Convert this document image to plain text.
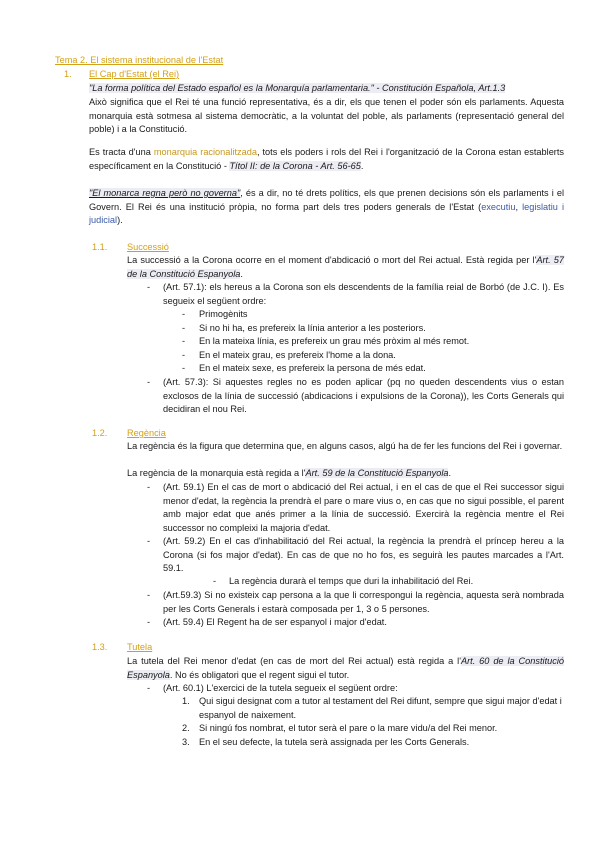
Tema 2. El sistema institucional de l'Estat
1. El Cap d'Estat (el Rei)
"La forma política del Estado español es la Monarquía parlamentaria." - Constitución Española, Art.1.3
Això significa que el Rei té una funció representativa, és a dir, els que tenen el poder són els parlaments. Aquesta monarquia està sotmesa al sistema democràtic, a la voluntat del poble, als parlaments (representació general del poble) i a la Constitució.
Es tracta d'una monarquia racionalitzada, tots els poders i rols del Rei i l'organització de la Corona estan establerts específicament en la Constitució - Títol II: de la Corona - Art. 56-65.
"El monarca regna però no governa", és a dir, no té drets polítics, els que prenen decisions són els parlaments i el Govern. El Rei és una institució pròpia, no forma part dels tres poders generals de l'Estat (executiu, legislatiu i judicial).
1.1. Successió
La successió a la Corona ocorre en el moment d'abdicació o mort del Rei actual. Està regida per l'Art. 57 de la Constitució Espanyola.
- (Art. 57.1): els hereus a la Corona son els descendents de la família reial de Borbó (de J.C. I). Es segueix el següent ordre:
- Primogènits
- Si no hi ha, es prefereix la línia anterior a les posteriors.
- En la mateixa línia, es prefereix un grau més pròxim al més remot.
- En el mateix grau, es prefereix l'home a la dona.
- En el mateix sexe, es prefereix la persona de més edat.
- (Art. 57.3): Si aquestes regles no es poden aplicar (pq no queden descendents vius o estan exclosos de la línia de successió (abdicacions i expulsions de la Corona)), les Corts Generals qui decidiran el nou Rei.
1.2. Regència
La regència és la figura que determina que, en alguns casos, algú ha de fer les funcions del Rei i governar.
La regència de la monarquia està regida a l'Art. 59 de la Constitució Espanyola.
- (Art. 59.1) En el cas de mort o abdicació del Rei actual, i en el cas de que el Rei successor sigui menor d'edat, la regència la prendrà el pare o mare vius o, en cas que no sigui possible, el parent amb major edat que anés primer a la línia de successió. Exercirà la regència mentre el Rei successor no compleixi la majoria d'edat.
- (Art. 59.2) En el cas d'inhabilitació del Rei actual, la regència la prendrà el príncep hereu a la Corona (si fos major d'edat). En cas de que no ho fos, es seguirà les pautes marcades a l'Art. 59.1.
- La regència durarà el temps que duri la inhabilitació del Rei.
- (Art.59.3) Si no existeix cap persona a la que li correspongui la regència, aquesta serà nombrada per les Corts Generals i estarà composada per 1, 3 o 5 persones.
- (Art. 59.4) El Regent ha de ser espanyol i major d'edat.
1.3. Tutela
La tutela del Rei menor d'edat (en cas de mort del Rei actual) està regida a l'Art. 60 de la Constitució Espanyola. No és obligatori que el regent sigui el tutor.
- (Art. 60.1) L'exercici de la tutela segueix el següent ordre:
1. Qui sigui designat com a tutor al testament del Rei difunt, sempre que sigui major d'edat i espanyol de naixement.
2. Si ningú fos nombrat, el tutor serà el pare o la mare vidu/a del Rei menor.
3. En el seu defecte, la tutela serà assignada per les Corts Generals.
